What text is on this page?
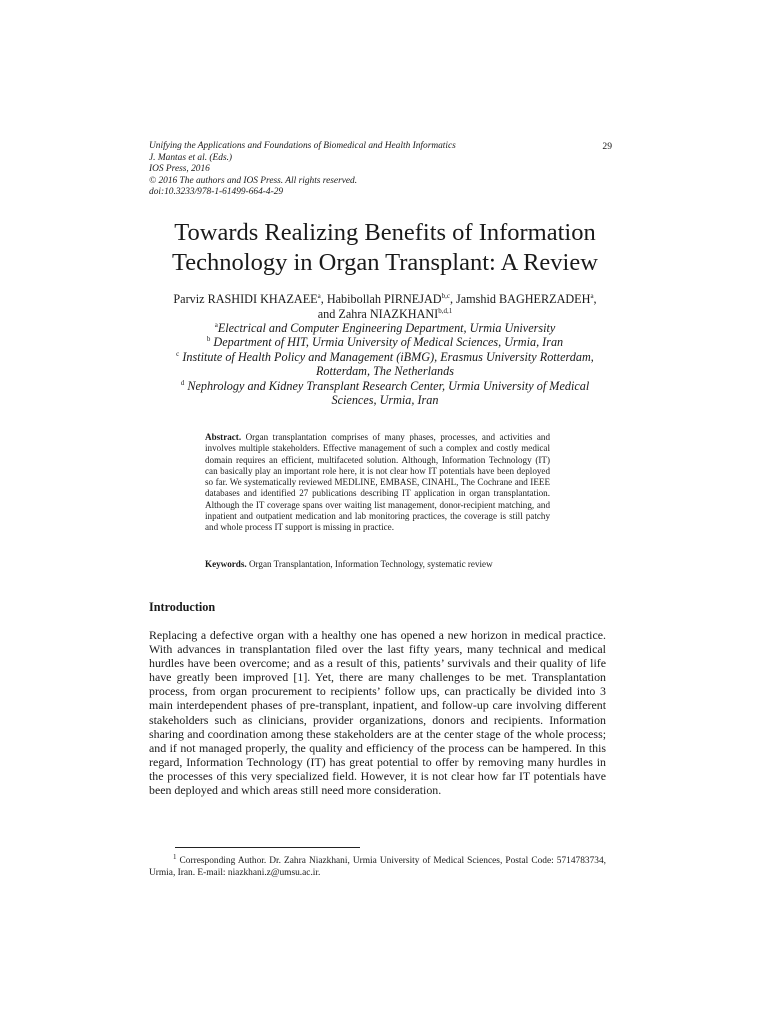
Unifying the Applications and Foundations of Biomedical and Health Informatics
J. Mantas et al. (Eds.)
IOS Press, 2016
© 2016 The authors and IOS Press. All rights reserved.
doi:10.3233/978-1-61499-664-4-29
29
Towards Realizing Benefits of Information
Technology in Organ Transplant: A Review
Parviz RASHIDI KHAZAEE$^a$, Habibollah PIRNEJAD$^{b,c}$, Jamshid BAGHERZADEH$^a$,
and Zahra NIAZKHANI$^{b,d,1}$
$^a$Electrical and Computer Engineering Department, Urmia University
$^b$ Department of HIT, Urmia University of Medical Sciences, Urmia, Iran
$^c$ Institute of Health Policy and Management (iBMG), Erasmus University Rotterdam,
Rotterdam, The Netherlands
$^d$ Nephrology and Kidney Transplant Research Center, Urmia University of Medical
Sciences, Urmia, Iran
Abstract. Organ transplantation comprises of many phases, processes, and activities and involves multiple stakeholders. Effective management of such a complex and costly medical domain requires an efficient, multifaceted solution. Although, Information Technology (IT) can basically play an important role here, it is not clear how IT potentials have been deployed so far. We systematically reviewed MEDLINE, EMBASE, CINAHL, The Cochrane and IEEE databases and identified 27 publications describing IT application in organ transplantation. Although the IT coverage spans over waiting list management, donor-recipient matching, and inpatient and outpatient medication and lab monitoring practices, the coverage is still patchy and whole process IT support is missing in practice.
Keywords. Organ Transplantation, Information Technology, systematic review
Introduction
Replacing a defective organ with a healthy one has opened a new horizon in medical practice. With advances in transplantation filed over the last fifty years, many technical and medical hurdles have been overcome; and as a result of this, patients’ survivals and their quality of life have greatly been improved [1]. Yet, there are many challenges to be met. Transplantation process, from organ procurement to recipients’ follow ups, can practically be divided into 3 main interdependent phases of pre-transplant, inpatient, and follow-up care involving different stakeholders such as clinicians, provider organizations, donors and recipients. Information sharing and coordination among these stakeholders are at the center stage of the whole process; and if not managed properly, the quality and efficiency of the process can be hampered. In this regard, Information Technology (IT) has great potential to offer by removing many hurdles in the processes of this very specialized field. However, it is not clear how far IT potentials have been deployed and which areas still need more consideration.
$^1$ Corresponding Author. Dr. Zahra Niazkhani, Urmia University of Medical Sciences, Postal Code: 5714783734, Urmia, Iran. E-mail: niazkhani.z@umsu.ac.ir.
